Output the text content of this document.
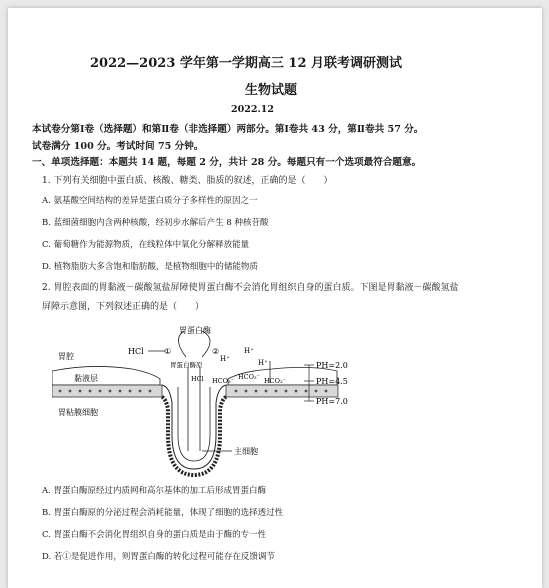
2022—2023 学年第一学期高三 12 月联考调研测试
生物试题
2022.12
本试卷分第Ⅰ卷（选择题）和第Ⅱ卷（非选择题）两部分。第Ⅰ卷共 43 分，第Ⅱ卷共 57 分。
试卷满分 100 分。考试时间 75 分钟。
一、单项选择题：本题共 14 题，每题 2 分，共计 28 分。每题只有一个选项最符合题意。
1. 下列有关细胞中蛋白质、核酸、糖类、脂质的叙述，正确的是（　　）
A. 氨基酸空间结构的差异是蛋白质分子多样性的原因之一
B. 蓝细菌细胞内含两种核酸，经初步水解后产生 8 种核苷酸
C. 葡萄糖作为能源物质，在线粒体中氧化分解释放能量
D. 植物脂肪大多含饱和脂肪酸，是植物细胞中的储能物质
2. 胃腔表面的胃黏液－碳酸氢盐屏障使胃蛋白酶不会消化胃组织自身的蛋白质。下图是胃黏液－碳酸氢盐
屏障示意图，下列叙述正确的是（　　）
胃蛋白酶
HCl	①	②
胃蛋白酶原
HCl
胃腔
黏液层
H⁺
H⁺
H⁺
HCO₃⁻ HCO₃⁻ HCO₃⁻
PH=2.0
PH=4.5
PH=7.0
胃粘膜细胞
主细胞
A. 胃蛋白酶原经过内质网和高尔基体的加工后形成胃蛋白酶
B. 胃蛋白酶原的分泌过程会消耗能量，体现了细胞的选择透过性
C. 胃蛋白酶不会消化胃组织自身的蛋白质是由于酶的专一性
D. 若①是促进作用，则胃蛋白酶的转化过程可能存在反馈调节
